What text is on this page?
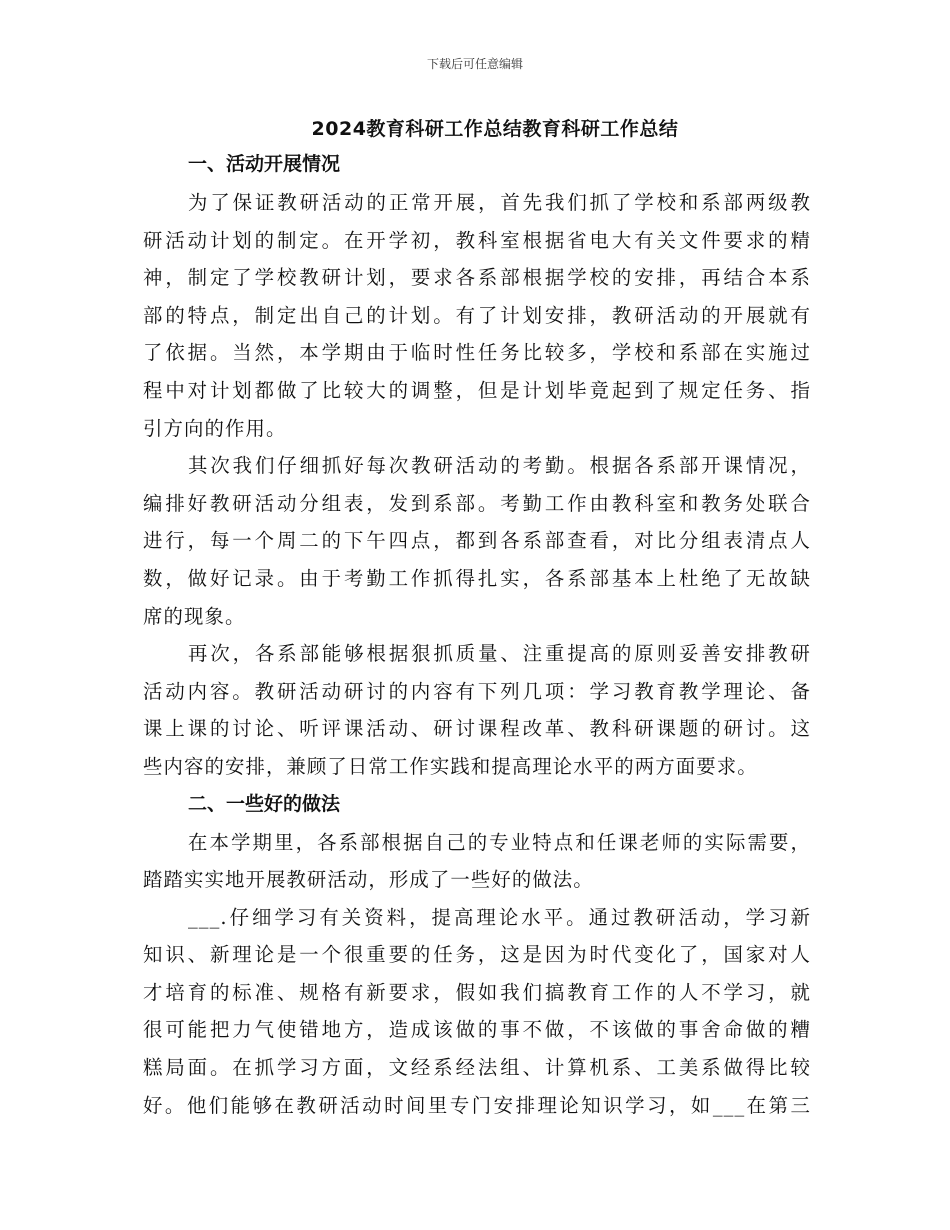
下载后可任意编辑
2024教育科研工作总结教育科研工作总结
一、活动开展情况
为了保证教研活动的正常开展，首先我们抓了学校和系部两级教
研活动计划的制定。在开学初，教科室根据省电大有关文件要求的精
神，制定了学校教研计划，要求各系部根据学校的安排，再结合本系
部的特点，制定出自己的计划。有了计划安排，教研活动的开展就有
了依据。当然，本学期由于临时性任务比较多，学校和系部在实施过
程中对计划都做了比较大的调整，但是计划毕竟起到了规定任务、指
引方向的作用。
其次我们仔细抓好每次教研活动的考勤。根据各系部开课情况，
编排好教研活动分组表，发到系部。考勤工作由教科室和教务处联合
进行，每一个周二的下午四点，都到各系部查看，对比分组表清点人
数，做好记录。由于考勤工作抓得扎实，各系部基本上杜绝了无故缺
席的现象。
再次，各系部能够根据狠抓质量、注重提高的原则妥善安排教研
活动内容。教研活动研讨的内容有下列几项：学习教育教学理论、备
课上课的讨论、听评课活动、研讨课程改革、教科研课题的研讨。这
些内容的安排，兼顾了日常工作实践和提高理论水平的两方面要求。
二、一些好的做法
在本学期里，各系部根据自己的专业特点和任课老师的实际需要，
踏踏实实地开展教研活动，形成了一些好的做法。
___.仔细学习有关资料，提高理论水平。通过教研活动，学习新
知识、新理论是一个很重要的任务，这是因为时代变化了，国家对人
才培育的标准、规格有新要求，假如我们搞教育工作的人不学习，就
很可能把力气使错地方，造成该做的事不做，不该做的事舍命做的糟
糕局面。在抓学习方面，文经系经法组、计算机系、工美系做得比较
好。他们能够在教研活动时间里专门安排理论知识学习，如___在第三
